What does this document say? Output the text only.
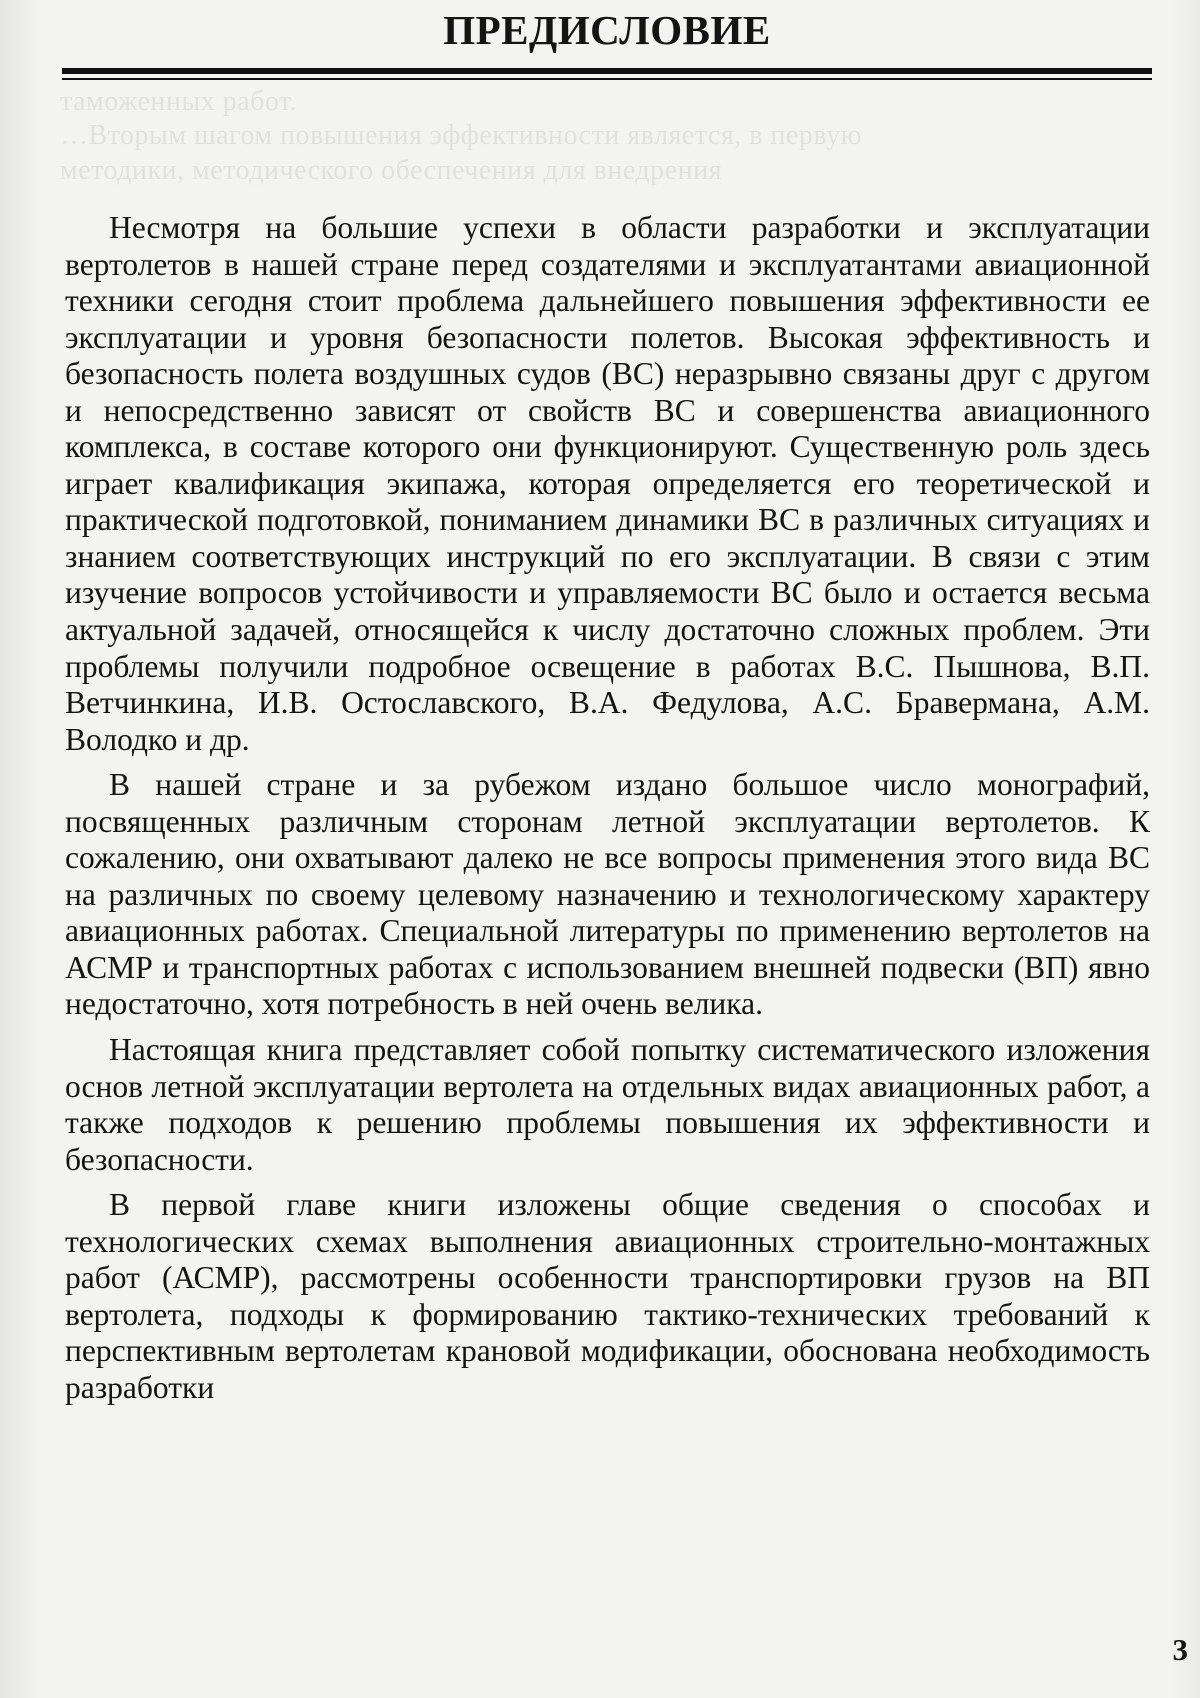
таможенных работ.
…Вторым шагом повышения эффективности является, в первую
методики, методического обеспечения для внедрения
ПРЕДИСЛОВИЕ

Несмотря на большие успехи в области разработки и эксплуатации вертолетов в нашей стране перед создателями и эксплуатантами авиационной техники сегодня стоит проблема дальнейшего повышения эффективности ее эксплуатации и уровня безопасности полетов. Высокая эффективность и безопасность полета воздушных судов (ВС) неразрывно связаны друг с другом и непосредственно зависят от свойств ВС и совершенства авиационного комплекса, в составе которого они функционируют. Существенную роль здесь играет квалификация экипажа, которая определяется его теоретической и практической подготовкой, пониманием динамики ВС в различных ситуациях и знанием соответствующих инструкций по его эксплуатации. В связи с этим изучение вопросов устойчивости и управляемости ВС было и остается весьма актуальной задачей, относящейся к числу достаточно сложных проблем. Эти проблемы получили подробное освещение в работах В.С. Пышнова, В.П. Ветчинкина, И.В. Остославского, В.А. Федулова, А.С. Бравермана, А.М. Володко и др.

В нашей стране и за рубежом издано большое число монографий, посвященных различным сторонам летной эксплуатации вертолетов. К сожалению, они охватывают далеко не все вопросы применения этого вида ВС на различных по своему целевому назначению и технологическому характеру авиационных работах. Специальной литературы по применению вертолетов на АСМР и транспортных работах с использованием внешней подвески (ВП) явно недостаточно, хотя потребность в ней очень велика.

Настоящая книга представляет собой попытку систематического изложения основ летной эксплуатации вертолета на отдельных видах авиационных работ, а также подходов к решению проблемы повышения их эффективности и безопасности.

В первой главе книги изложены общие сведения о способах и технологических схемах выполнения авиационных строительно-монтажных работ (АСМР), рассмотрены особенности транспортировки грузов на ВП вертолета, подходы к формированию тактико-технических требований к перспективным вертолетам крановой модификации, обоснована необходимость разработки

3
